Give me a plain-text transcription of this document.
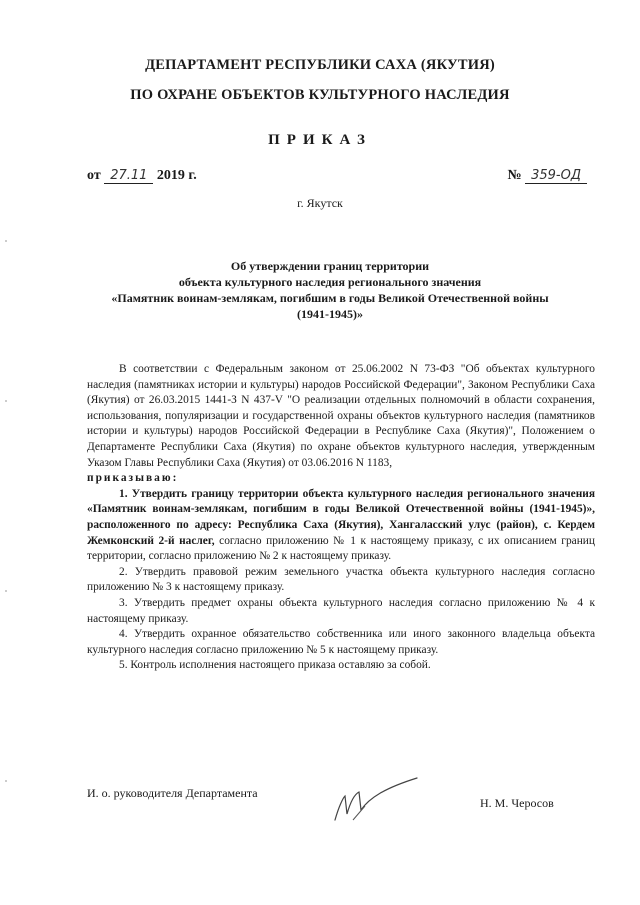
ДЕПАРТАМЕНТ РЕСПУБЛИКИ САХА (ЯКУТИЯ)
ПО ОХРАНЕ ОБЪЕКТОВ КУЛЬТУРНОГО НАСЛЕДИЯ
ПРИКАЗ
от 27.11 2019 г.	№ 359-ОД
г. Якутск
Об утверждении границ территории
объекта культурного наследия регионального значения
«Памятник воинам-землякам, погибшим в годы Великой Отечественной войны
(1941-1945)»

В соответствии с Федеральным законом от 25.06.2002 N 73-ФЗ "Об объектах культурного наследия (памятниках истории и культуры) народов Российской Федерации", Законом Республики Саха (Якутия) от 26.03.2015 1441-З N 437-V "О реализации отдельных полномочий в области сохранения, использования, популяризации и государственной охраны объектов культурного наследия (памятников истории и культуры) народов Российской Федерации в Республике Саха (Якутия)", Положением о Департаменте Республики Саха (Якутия) по охране объектов культурного наследия, утвержденным Указом Главы Республики Саха (Якутия) от 03.06.2016 N 1183,

приказываю:

1. Утвердить границу территории объекта культурного наследия регионального значения «Памятник воинам-землякам, погибшим в годы Великой Отечественной войны (1941-1945)», расположенного по адресу: Республика Саха (Якутия), Хангаласский улус (район), с. Кердем Жемконский 2-й наслег, согласно приложению № 1 к настоящему приказу, с их описанием границ территории, согласно приложению № 2 к настоящему приказу.

2. Утвердить правовой режим земельного участка объекта культурного наследия согласно приложению № 3 к настоящему приказу.

3. Утвердить предмет охраны объекта культурного наследия согласно приложению № 4 к настоящему приказу.

4. Утвердить охранное обязательство собственника или иного законного владельца объекта культурного наследия согласно приложению № 5 к настоящему приказу.

5. Контроль исполнения настоящего приказа оставляю за собой.

И. о. руководителя Департамента
Н. М. Черосов
